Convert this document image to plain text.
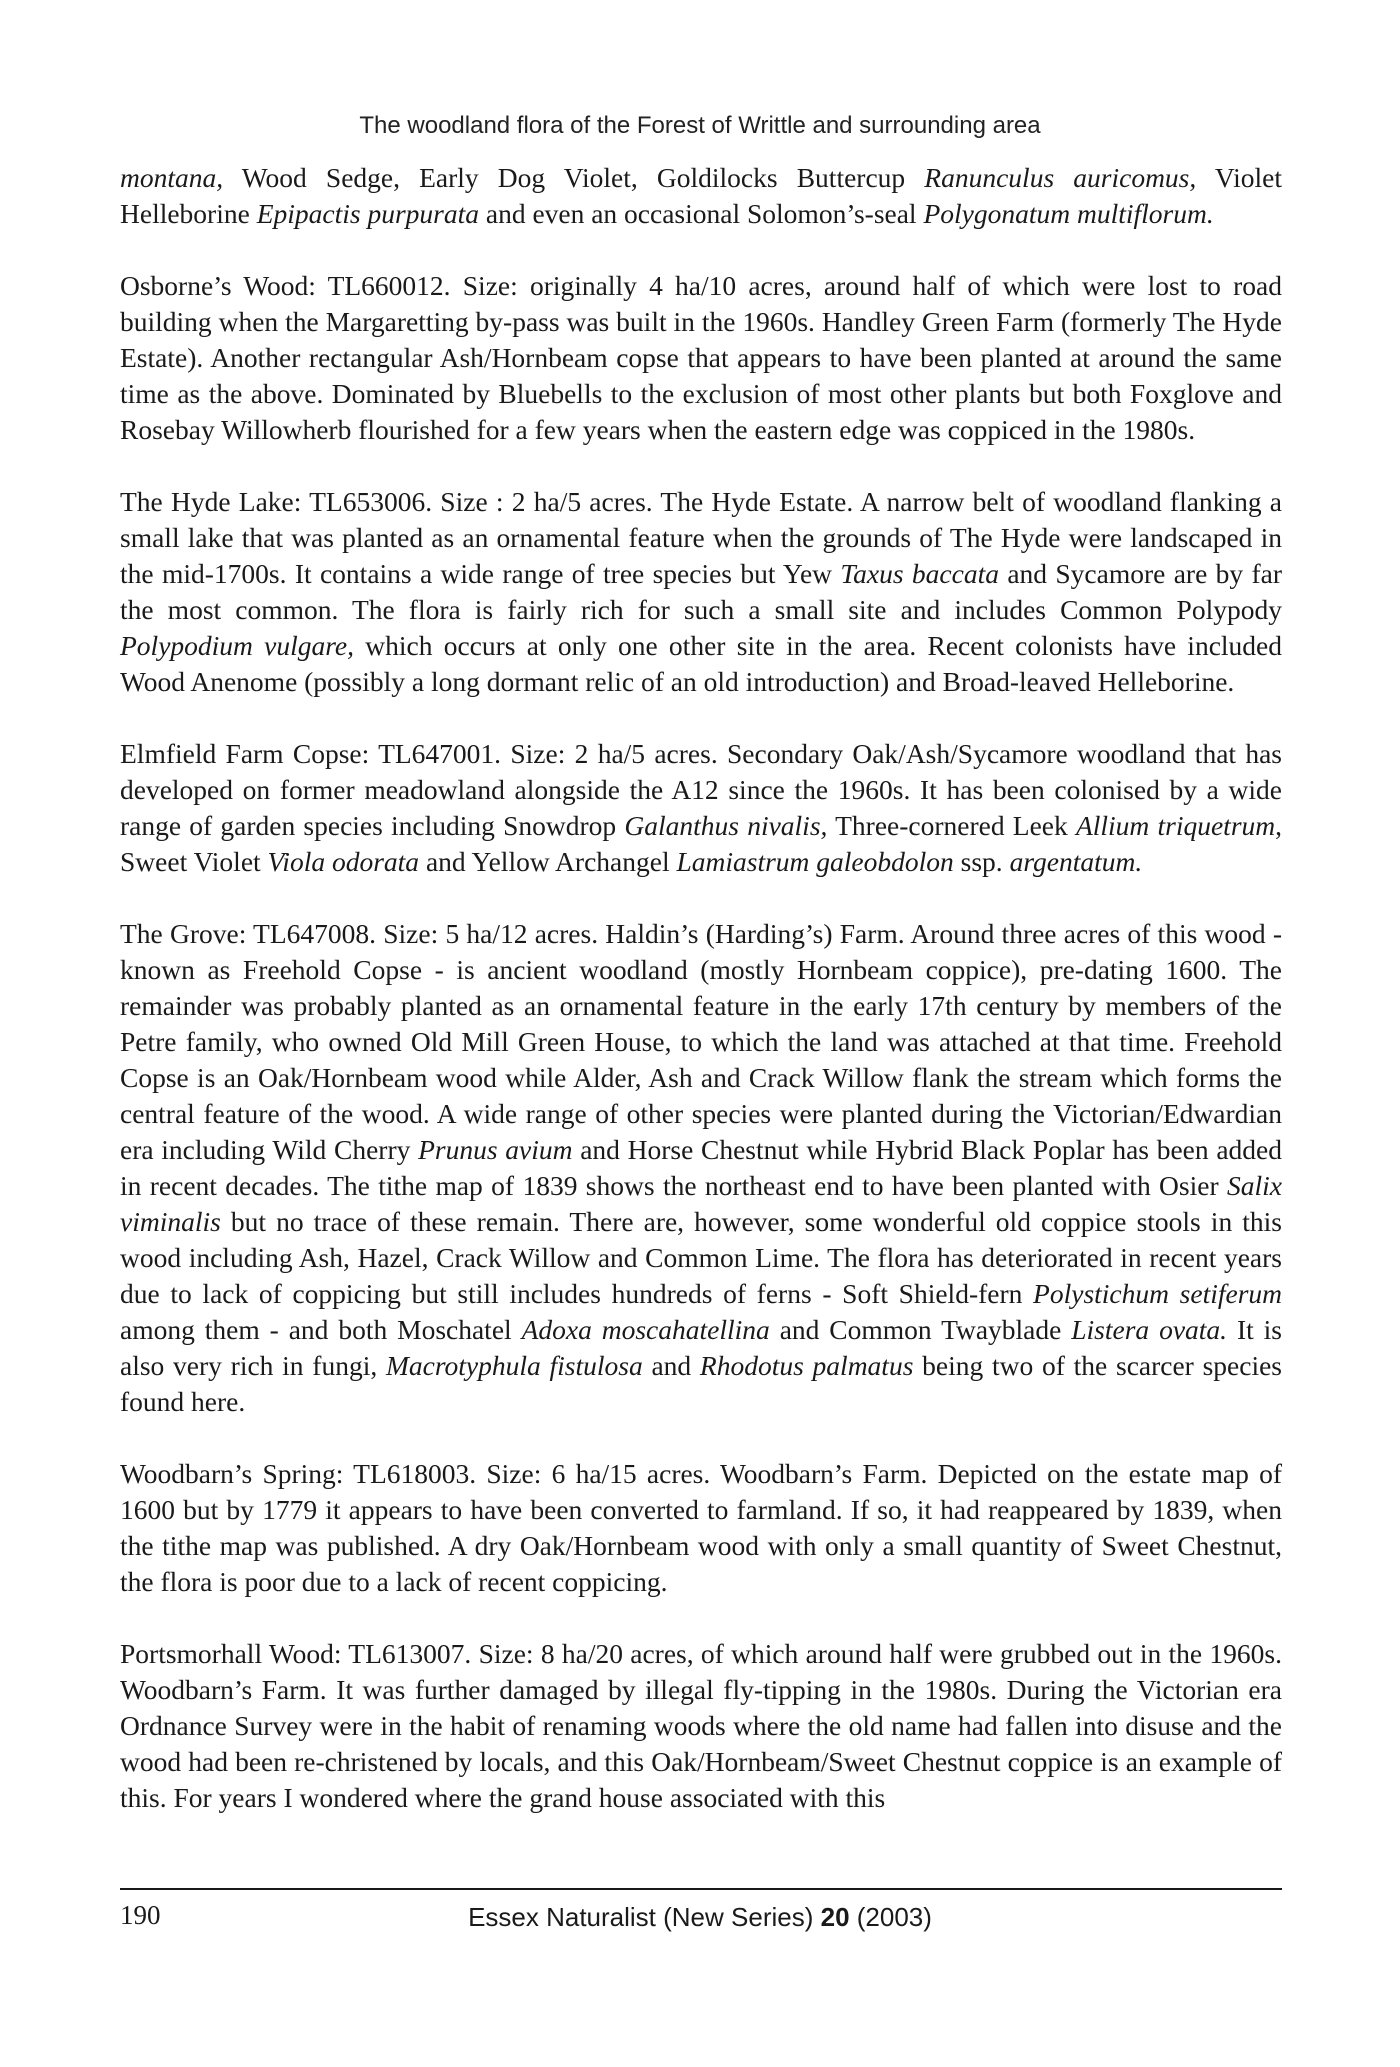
The woodland flora of the Forest of Writtle and surrounding area

montana, Wood Sedge, Early Dog Violet, Goldilocks Buttercup Ranunculus auricomus, Violet Helleborine Epipactis purpurata and even an occasional Solomon’s-seal Polygonatum multiflorum.

Osborne’s Wood: TL660012. Size: originally 4 ha/10 acres, around half of which were lost to road building when the Margaretting by-pass was built in the 1960s. Handley Green Farm (formerly The Hyde Estate). Another rectangular Ash/Hornbeam copse that appears to have been planted at around the same time as the above. Dominated by Bluebells to the exclusion of most other plants but both Foxglove and Rosebay Willowherb flourished for a few years when the eastern edge was coppiced in the 1980s.

The Hyde Lake: TL653006. Size : 2 ha/5 acres. The Hyde Estate. A narrow belt of woodland flanking a small lake that was planted as an ornamental feature when the grounds of The Hyde were landscaped in the mid-1700s. It contains a wide range of tree species but Yew Taxus baccata and Sycamore are by far the most common. The flora is fairly rich for such a small site and includes Common Polypody Polypodium vulgare, which occurs at only one other site in the area. Recent colonists have included Wood Anenome (possibly a long dormant relic of an old introduction) and Broad-leaved Helleborine.

Elmfield Farm Copse: TL647001. Size: 2 ha/5 acres. Secondary Oak/Ash/Sycamore woodland that has developed on former meadowland alongside the A12 since the 1960s. It has been colonised by a wide range of garden species including Snowdrop Galanthus nivalis, Three-cornered Leek Allium triquetrum, Sweet Violet Viola odorata and Yellow Archangel Lamiastrum galeobdolon ssp. argentatum.

The Grove: TL647008. Size: 5 ha/12 acres. Haldin’s (Harding’s) Farm. Around three acres of this wood - known as Freehold Copse - is ancient woodland (mostly Hornbeam coppice), pre-dating 1600. The remainder was probably planted as an ornamental feature in the early 17th century by members of the Petre family, who owned Old Mill Green House, to which the land was attached at that time. Freehold Copse is an Oak/Hornbeam wood while Alder, Ash and Crack Willow flank the stream which forms the central feature of the wood. A wide range of other species were planted during the Victorian/Edwardian era including Wild Cherry Prunus avium and Horse Chestnut while Hybrid Black Poplar has been added in recent decades. The tithe map of 1839 shows the northeast end to have been planted with Osier Salix viminalis but no trace of these remain. There are, however, some wonderful old coppice stools in this wood including Ash, Hazel, Crack Willow and Common Lime. The flora has deteriorated in recent years due to lack of coppicing but still includes hundreds of ferns - Soft Shield-fern Polystichum setiferum among them - and both Moschatel Adoxa moscahatellina and Common Twayblade Listera ovata. It is also very rich in fungi, Macrotyphula fistulosa and Rhodotus palmatus being two of the scarcer species found here.

Woodbarn’s Spring: TL618003. Size: 6 ha/15 acres. Woodbarn’s Farm. Depicted on the estate map of 1600 but by 1779 it appears to have been converted to farmland. If so, it had reappeared by 1839, when the tithe map was published. A dry Oak/Hornbeam wood with only a small quantity of Sweet Chestnut, the flora is poor due to a lack of recent coppicing.

Portsmorhall Wood: TL613007. Size: 8 ha/20 acres, of which around half were grubbed out in the 1960s. Woodbarn’s Farm. It was further damaged by illegal fly-tipping in the 1980s. During the Victorian era Ordnance Survey were in the habit of renaming woods where the old name had fallen into disuse and the wood had been re-christened by locals, and this Oak/Hornbeam/Sweet Chestnut coppice is an example of this. For years I wondered where the grand house associated with this

190	Essex Naturalist (New Series) 20 (2003)
